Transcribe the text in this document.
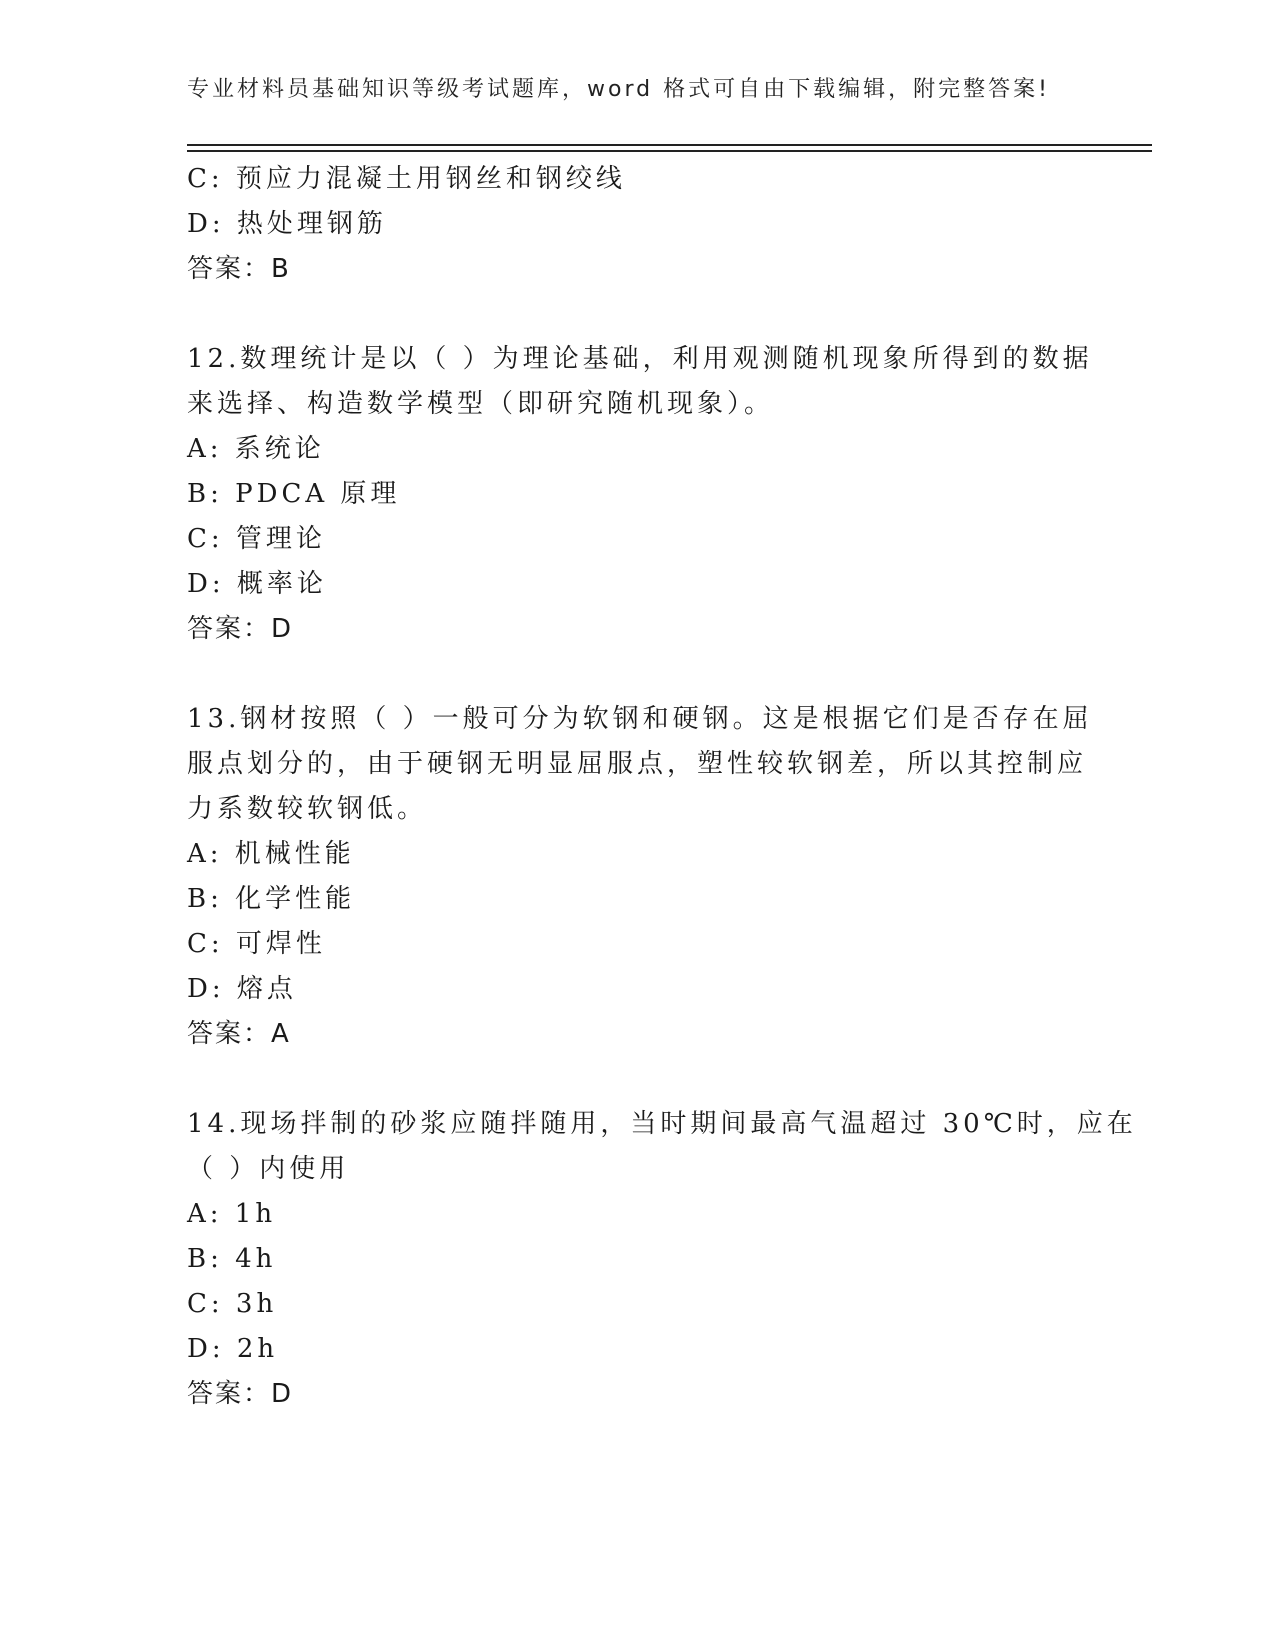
专业材料员基础知识等级考试题库，word 格式可自由下载编辑，附完整答案!
C: 预应力混凝土用钢丝和钢绞线
D: 热处理钢筋
答案：B
12.数理统计是以（ ）为理论基础，利用观测随机现象所得到的数据
来选择、构造数学模型（即研究随机现象）。
A: 系统论
B: PDCA 原理
C: 管理论
D: 概率论
答案：D
13.钢材按照（ ）一般可分为软钢和硬钢。这是根据它们是否存在屈
服点划分的，由于硬钢无明显屈服点，塑性较软钢差，所以其控制应
力系数较软钢低。
A: 机械性能
B: 化学性能
C: 可焊性
D: 熔点
答案：A
14.现场拌制的砂浆应随拌随用，当时期间最高气温超过 30℃时，应在
（ ）内使用
A: 1h
B: 4h
C: 3h
D: 2h
答案：D
